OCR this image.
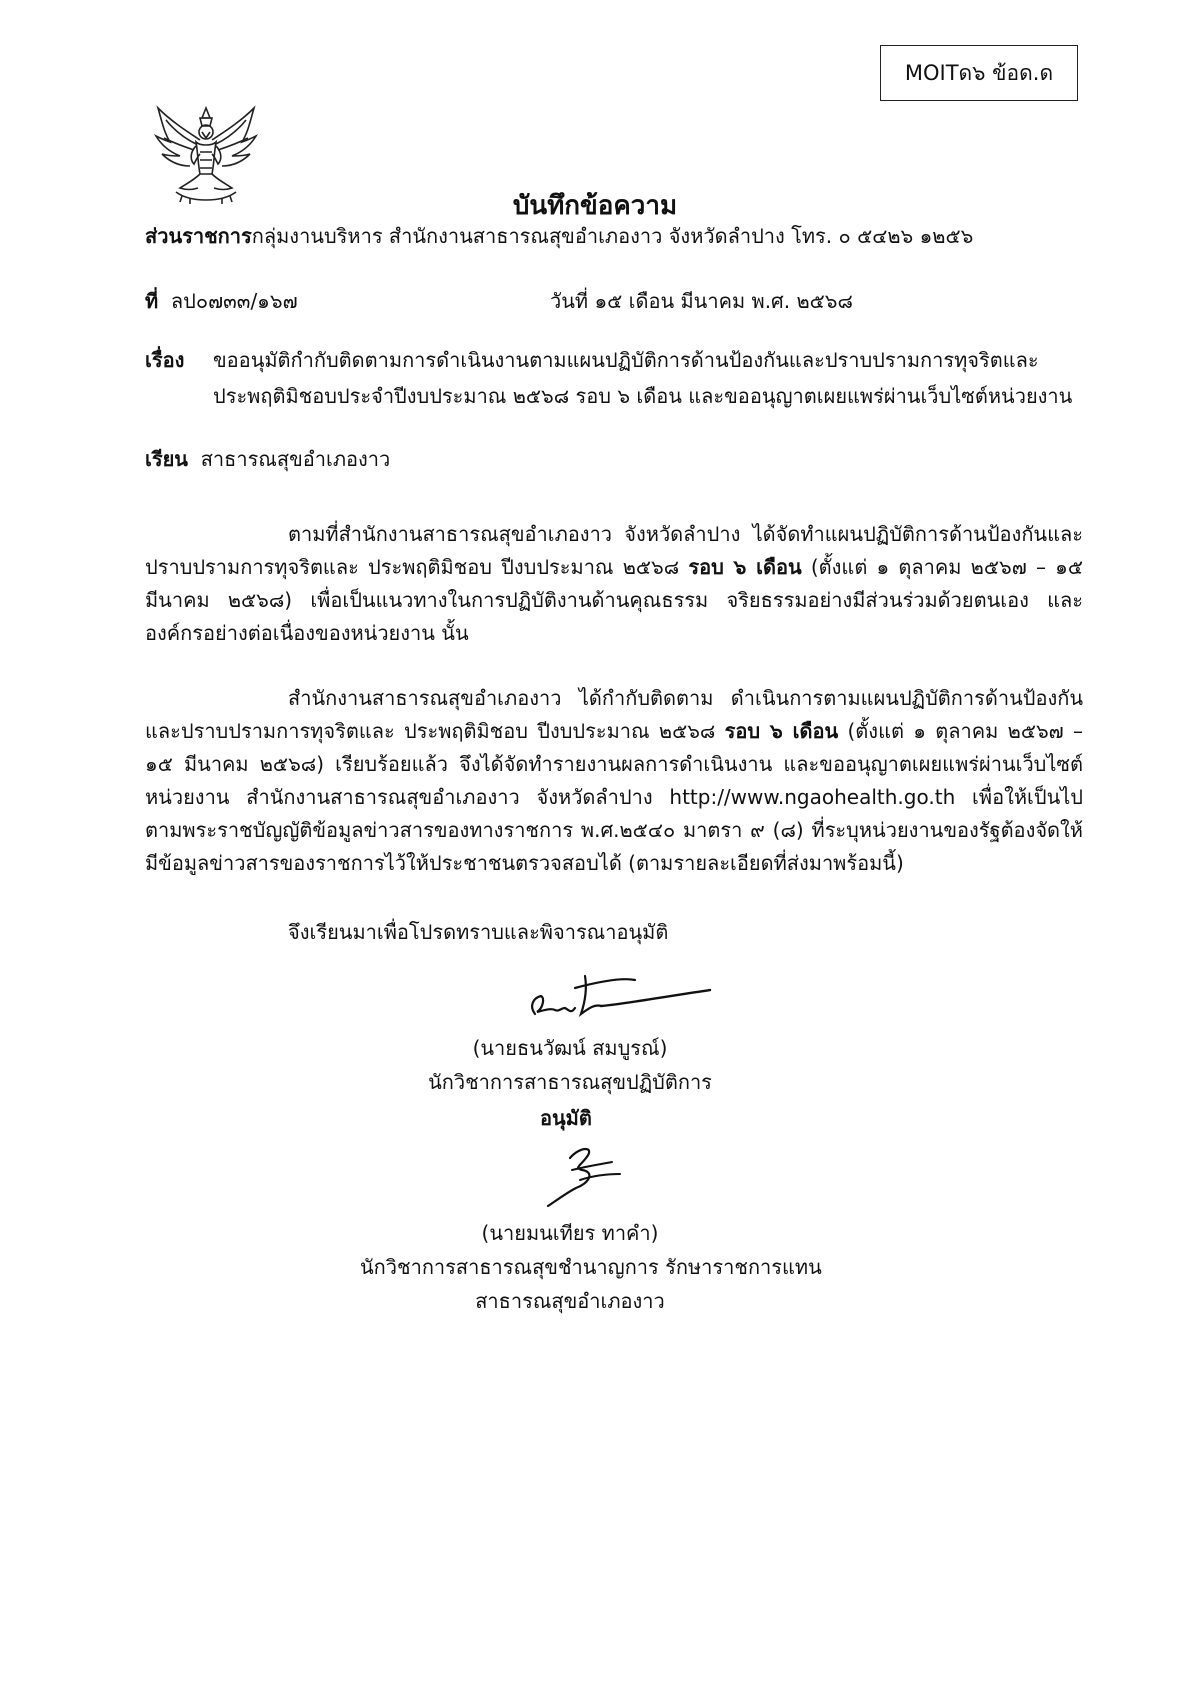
MOITด๖ ข้อด.ด
บันทึกข้อความ
ส่วนราชการกลุ่มงานบริหาร สำนักงานสาธารณสุขอำเภองาว จังหวัดลำปาง โทร. ๐ ๕๔๒๖ ๑๒๕๖
ที่ ลป๐๗๓๓/๑๖๗	วันที่ ๑๕ เดือน มีนาคม พ.ศ. ๒๕๖๘
เรื่อง ขออนุมัติกำกับติดตามการดำเนินงานตามแผนปฏิบัติการด้านป้องกันและปราบปรามการทุจริตและ
ประพฤติมิชอบประจำปีงบประมาณ ๒๕๖๘ รอบ ๖ เดือน และขออนุญาตเผยแพร่ผ่านเว็บไซต์หน่วยงาน
เรียน สาธารณสุขอำเภองาว
ตามที่สำนักงานสาธารณสุขอำเภองาว จังหวัดลำปาง ได้จัดทำแผนปฏิบัติการด้านป้องกันและปราบปรามการทุจริตและ ประพฤติมิชอบ ปีงบประมาณ ๒๕๖๘ รอบ ๖ เดือน (ตั้งแต่ ๑ ตุลาคม ๒๕๖๗ – ๑๕ มีนาคม ๒๕๖๘) เพื่อเป็นแนวทางในการปฏิบัติงานด้านคุณธรรม จริยธรรมอย่างมีส่วนร่วมด้วยตนเอง และองค์กรอย่างต่อเนื่องของหน่วยงาน นั้น
สำนักงานสาธารณสุขอำเภองาว ได้กำกับติดตาม ดำเนินการตามแผนปฏิบัติการด้านป้องกันและปราบปรามการทุจริตและ ประพฤติมิชอบ ปีงบประมาณ ๒๕๖๘ รอบ ๖ เดือน (ตั้งแต่ ๑ ตุลาคม ๒๕๖๗ – ๑๕ มีนาคม ๒๕๖๘) เรียบร้อยแล้ว จึงได้จัดทำรายงานผลการดำเนินงาน และขออนุญาตเผยแพร่ผ่านเว็บไซต์หน่วยงาน สำนักงานสาธารณสุขอำเภองาว จังหวัดลำปาง http://www.ngaohealth.go.th เพื่อให้เป็นไปตามพระราชบัญญัติข้อมูลข่าวสารของทางราชการ พ.ศ.๒๕๔๐ มาตรา ๙ (๘) ที่ระบุหน่วยงานของรัฐต้องจัดให้มีข้อมูลข่าวสารของราชการไว้ให้ประชาชนตรวจสอบได้ (ตามรายละเอียดที่ส่งมาพร้อมนี้)
จึงเรียนมาเพื่อโปรดทราบและพิจารณาอนุมัติ
(นายธนวัฒน์ สมบูรณ์)
นักวิชาการสาธารณสุขปฏิบัติการ
อนุมัติ
(นายมนเทียร ทาคำ)
นักวิชาการสาธารณสุขชำนาญการ รักษาราชการแทน
สาธารณสุขอำเภองาว
